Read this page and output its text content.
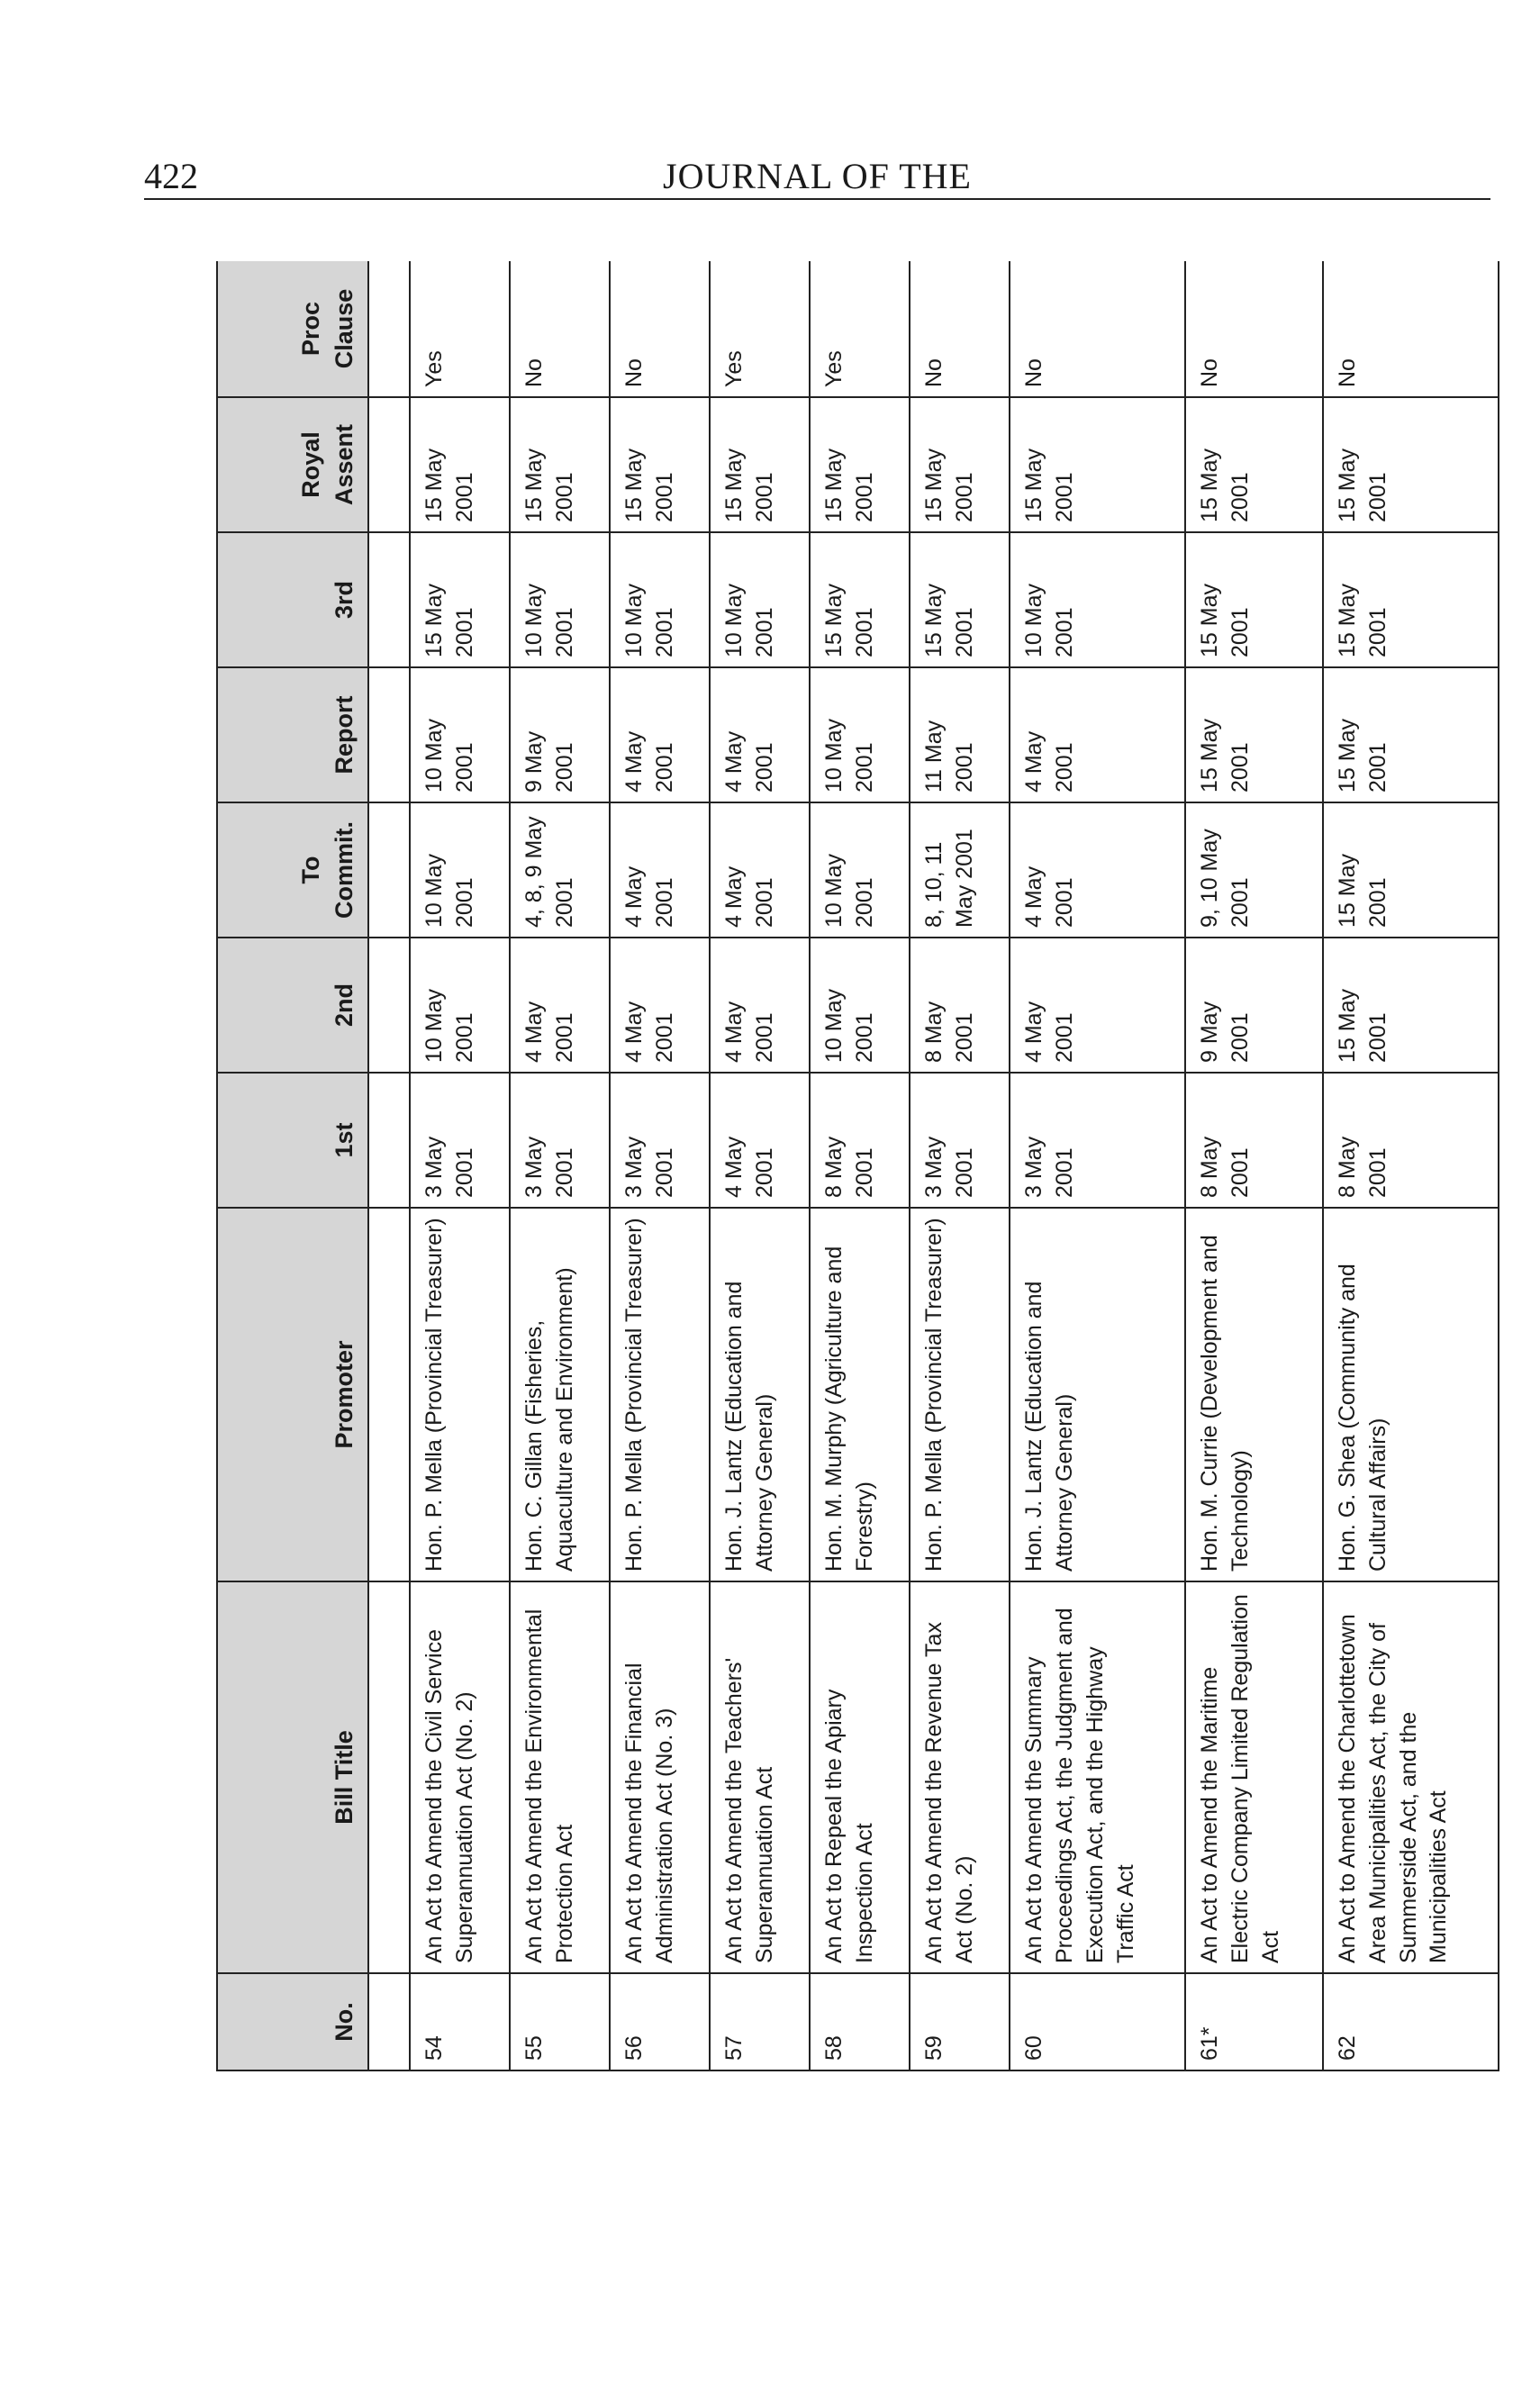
422	JOURNAL OF THE
No.	Bill Title	Promoter	1st	2nd	To Commit.	Report	3rd	Royal Assent	Proc Clause

54	An Act to Amend the Civil Service Superannuation Act (No. 2)	Hon. P. Mella (Provincial Treasurer)	3 May 2001	10 May 2001	10 May 2001	10 May 2001	15 May 2001	15 May 2001	Yes
55	An Act to Amend the Environmental Protection Act	Hon. C. Gillan (Fisheries, Aquaculture and Environment)	3 May 2001	4 May 2001	4, 8, 9 May 2001	9 May 2001	10 May 2001	15 May 2001	No
56	An Act to Amend the Financial Administration Act (No. 3)	Hon. P. Mella (Provincial Treasurer)	3 May 2001	4 May 2001	4 May 2001	4 May 2001	10 May 2001	15 May 2001	No
57	An Act to Amend the Teachers' Superannuation Act	Hon. J. Lantz (Education and Attorney General)	4 May 2001	4 May 2001	4 May 2001	4 May 2001	10 May 2001	15 May 2001	Yes
58	An Act to Repeal the Apiary Inspection Act	Hon. M. Murphy (Agriculture and Forestry)	8 May 2001	10 May 2001	10 May 2001	10 May 2001	15 May 2001	15 May 2001	Yes
59	An Act to Amend the Revenue Tax Act (No. 2)	Hon. P. Mella (Provincial Treasurer)	3 May 2001	8 May 2001	8, 10, 11 May 2001	11 May 2001	15 May 2001	15 May 2001	No
60	An Act to Amend the Summary Proceedings Act, the Judgment and Execution Act, and the Highway Traffic Act	Hon. J. Lantz (Education and Attorney General)	3 May 2001	4 May 2001	4 May 2001	4 May 2001	10 May 2001	15 May 2001	No
61*	An Act to Amend the Maritime Electric Company Limited Regulation Act	Hon. M. Currie (Development and Technology)	8 May 2001	9 May 2001	9, 10 May 2001	15 May 2001	15 May 2001	15 May 2001	No
62	An Act to Amend the Charlottetown Area Municipalities Act, the City of Summerside Act, and the Municipalities Act	Hon. G. Shea (Community and Cultural Affairs)	8 May 2001	15 May 2001	15 May 2001	15 May 2001	15 May 2001	15 May 2001	No
